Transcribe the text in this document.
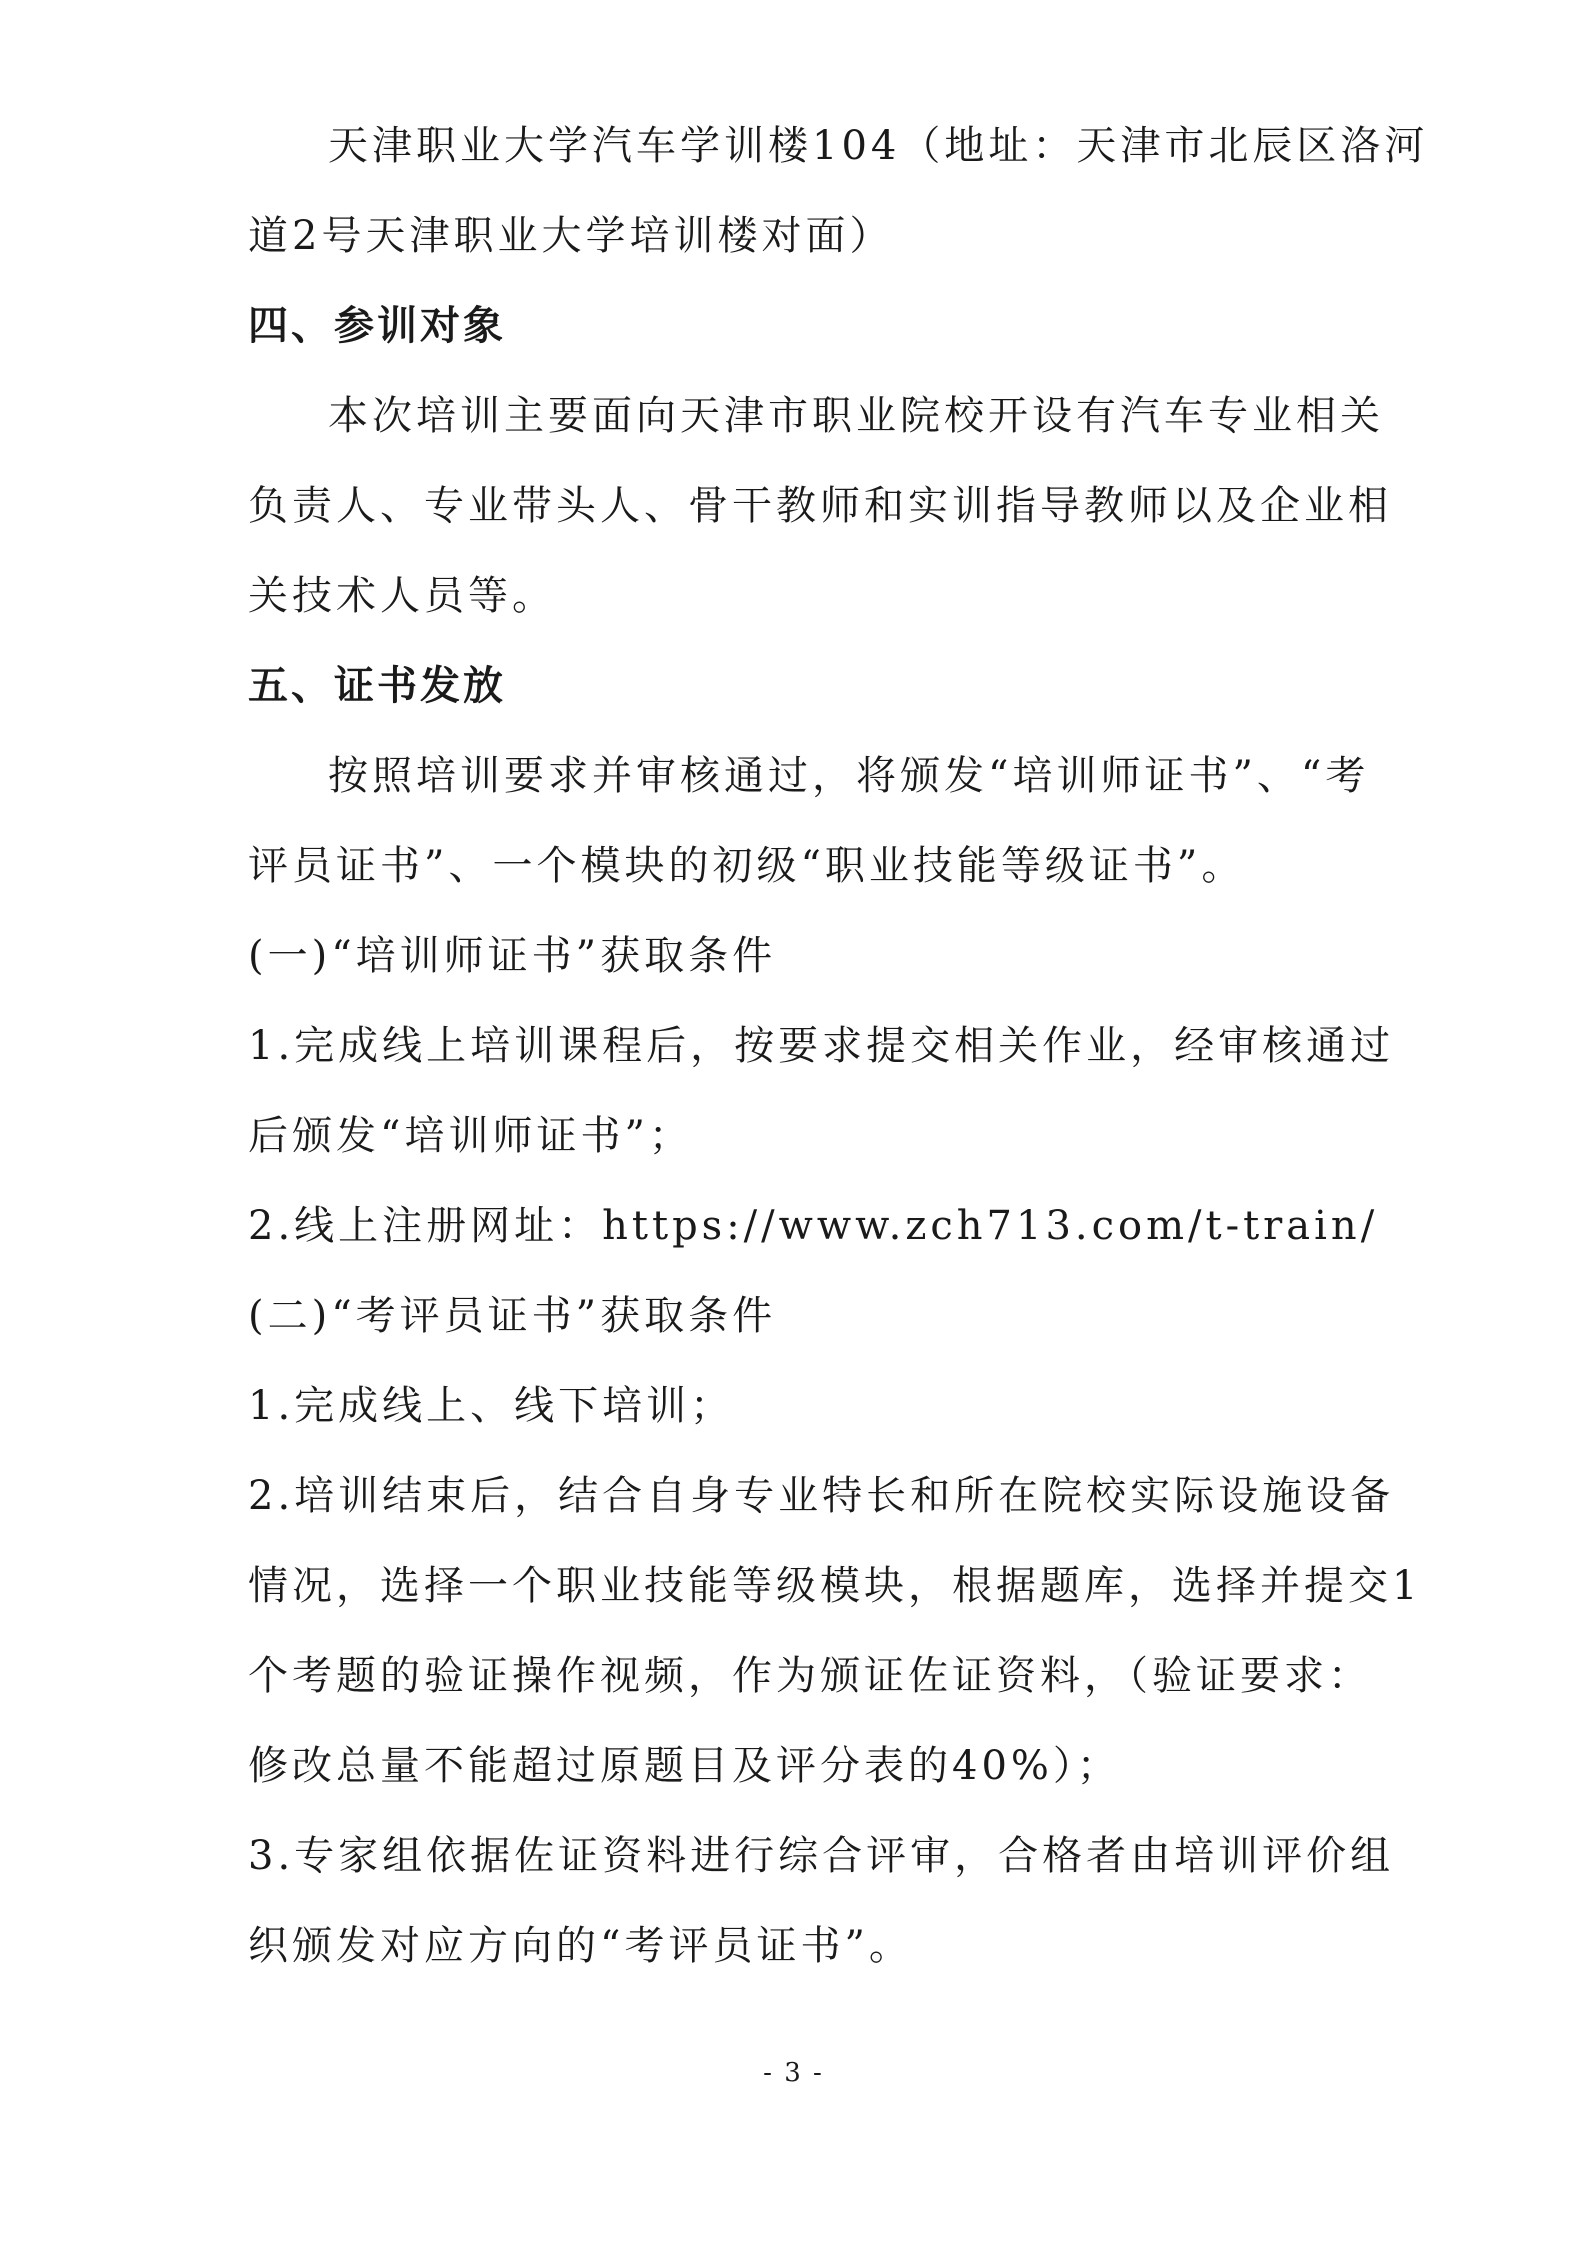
天津职业大学汽车学训楼104（地址：天津市北辰区洛河
道2号天津职业大学培训楼对面）
四、参训对象
本次培训主要面向天津市职业院校开设有汽车专业相关
负责人、专业带头人、骨干教师和实训指导教师以及企业相
关技术人员等。
五、证书发放
按照培训要求并审核通过，将颁发“培训师证书”、“考
评员证书”、一个模块的初级“职业技能等级证书”。
(一)“培训师证书”获取条件
1.完成线上培训课程后，按要求提交相关作业，经审核通过
后颁发“培训师证书”；
2.线上注册网址：https://www.zch713.com/t-train/
(二)“考评员证书”获取条件
1.完成线上、线下培训；
2.培训结束后，结合自身专业特长和所在院校实际设施设备
情况，选择一个职业技能等级模块，根据题库，选择并提交1
个考题的验证操作视频，作为颁证佐证资料，（验证要求：
修改总量不能超过原题目及评分表的40%）；
3.专家组依据佐证资料进行综合评审，合格者由培训评价组
织颁发对应方向的“考评员证书”。
- 3 -
